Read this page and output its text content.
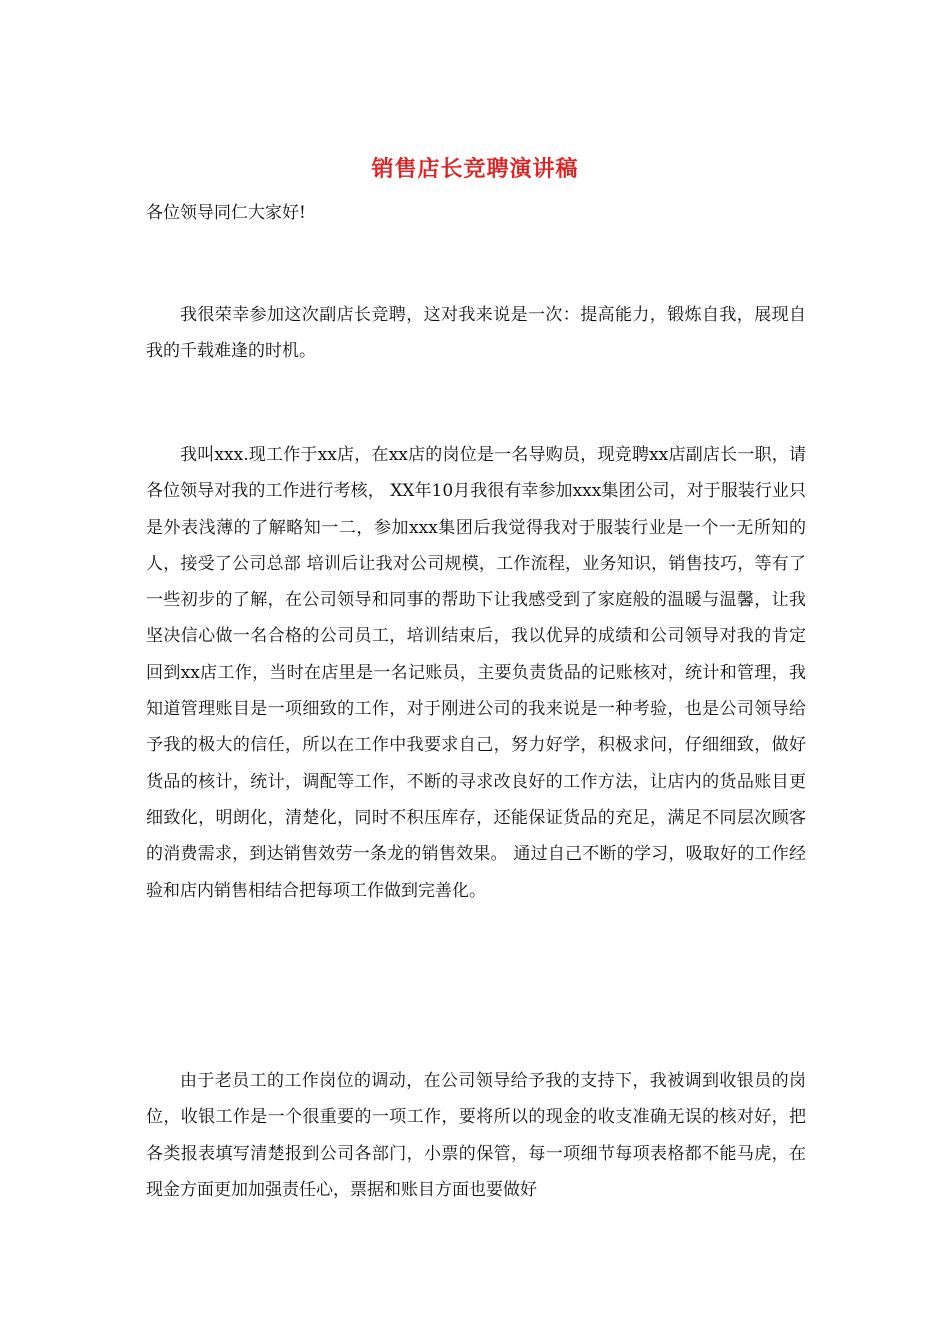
销售店长竞聘演讲稿
各位领导同仁大家好!

我很荣幸参加这次副店长竞聘，这对我来说是一次：提高能力，锻炼自我，展现自我的千载难逢的时机。

我叫xxx.现工作于xx店，在xx店的岗位是一名导购员，现竞聘xx店副店长一职，请各位领导对我的工作进行考核， XX年10月我很有幸参加xxx集团公司，对于服装行业只是外表浅薄的了解略知一二，参加xxx集团后我觉得我对于服装行业是一个一无所知的人，接受了公司总部 培训后让我对公司规模，工作流程，业务知识，销售技巧，等有了一些初步的了解，在公司领导和同事的帮助下让我感受到了家庭般的温暖与温馨，让我坚决信心做一名合格的公司员工，培训结束后，我以优异的成绩和公司领导对我的肯定回到xx店工作，当时在店里是一名记账员，主要负责货品的记账核对，统计和管理，我知道管理账目是一项细致的工作，对于刚进公司的我来说是一种考验，也是公司领导给予我的极大的信任，所以在工作中我要求自己，努力好学，积极求问，仔细细致，做好货品的核计，统计，调配等工作，不断的寻求改良好的工作方法，让店内的货品账目更细致化，明朗化，清楚化，同时不积压库存，还能保证货品的充足，满足不同层次顾客的消费需求，到达销售效劳一条龙的销售效果。 通过自己不断的学习，吸取好的工作经验和店内销售相结合把每项工作做到完善化。

由于老员工的工作岗位的调动，在公司领导给予我的支持下，我被调到收银员的岗位，收银工作是一个很重要的一项工作，要将所以的现金的收支准确无误的核对好，把各类报表填写清楚报到公司各部门，小票的保管，每一项细节每项表格都不能马虎，在现金方面更加加强责任心，票据和账目方面也要做好
